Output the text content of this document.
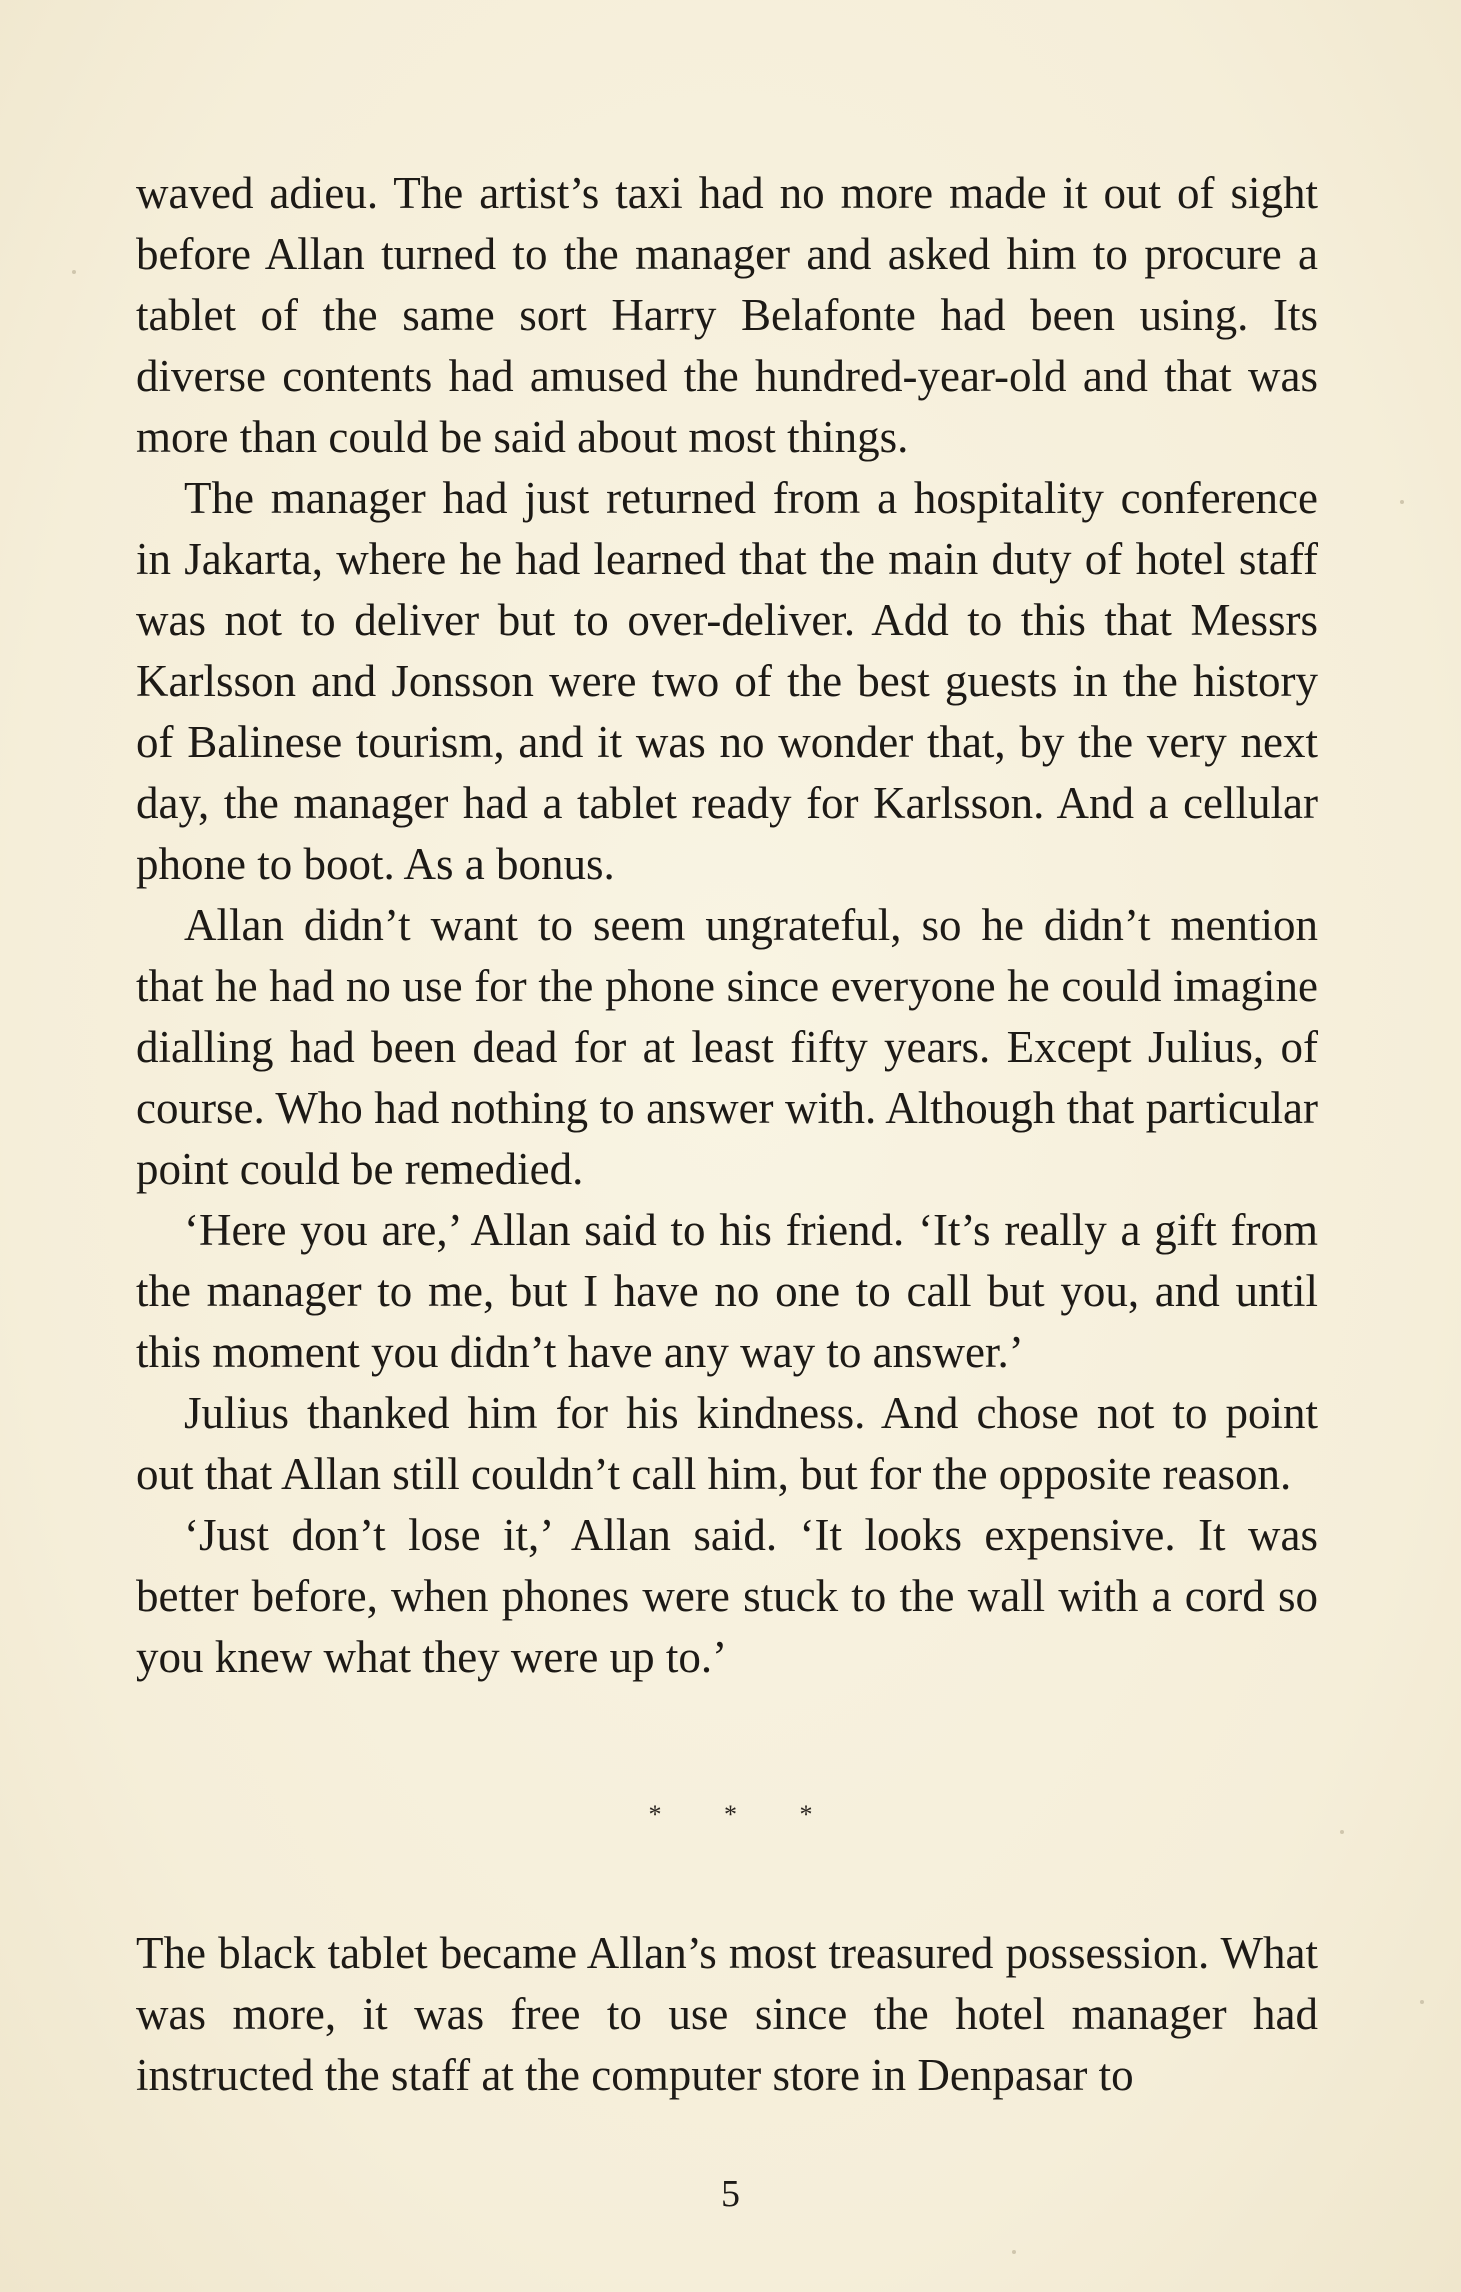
waved adieu. The artist’s taxi had no more made it out of sight before Allan turned to the manager and asked him to procure a tablet of the same sort Harry Belafonte had been using. Its diverse contents had amused the hundred-year-old and that was more than could be said about most things.

The manager had just returned from a hospitality conference in Jakarta, where he had learned that the main duty of hotel staff was not to deliver but to over-deliver. Add to this that Messrs Karlsson and Jonsson were two of the best guests in the history of Balinese tourism, and it was no wonder that, by the very next day, the manager had a tablet ready for Karlsson. And a cellular phone to boot. As a bonus.

Allan didn’t want to seem ungrateful, so he didn’t mention that he had no use for the phone since everyone he could imagine dialling had been dead for at least fifty years. Except Julius, of course. Who had nothing to answer with. Although that particular point could be remedied.

‘Here you are,’ Allan said to his friend. ‘It’s really a gift from the manager to me, but I have no one to call but you, and until this moment you didn’t have any way to answer.’

Julius thanked him for his kindness. And chose not to point out that Allan still couldn’t call him, but for the opposite reason.

‘Just don’t lose it,’ Allan said. ‘It looks expensive. It was better before, when phones were stuck to the wall with a cord so you knew what they were up to.’

* * *

The black tablet became Allan’s most treasured possession. What was more, it was free to use since the hotel manager had instructed the staff at the computer store in Denpasar to

5
